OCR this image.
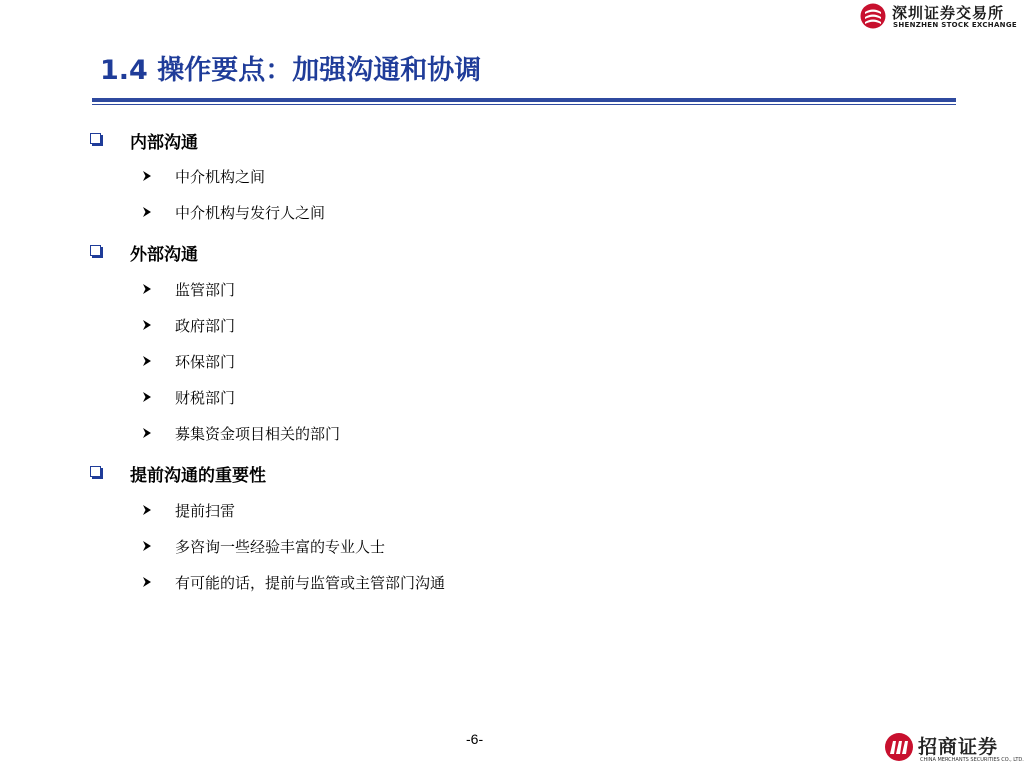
深圳证券交易所
SHENZHEN STOCK EXCHANGE
1.4 操作要点：加强沟通和协调
内部沟通
中介机构之间
中介机构与发行人之间
外部沟通
监管部门
政府部门
环保部门
财税部门
募集资金项目相关的部门
提前沟通的重要性
提前扫雷
多咨询一些经验丰富的专业人士
有可能的话，提前与监管或主管部门沟通
-6-	招商证券
CHINA MERCHANTS SECURITIES CO., LTD.
